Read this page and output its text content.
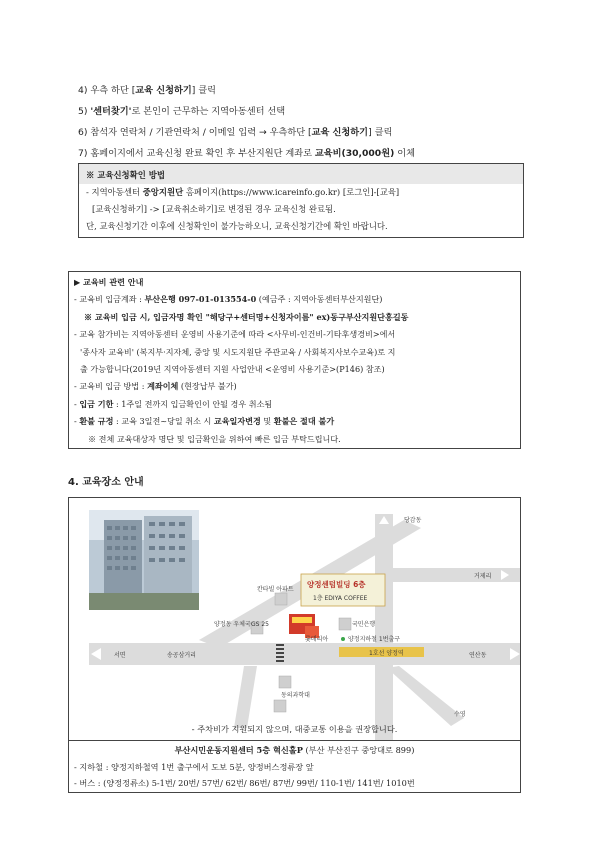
4) 우측 하단 [교육 신청하기] 클릭
5) '센터찾기'로 본인이 근무하는 지역아동센터 선택
6) 참석자 연락처 / 기관연락처 / 이메일 입력 → 우측하단 [교육 신청하기] 클릭
7) 홈페이지에서 교육신청 완료 확인 후 부산지원단 계좌로 교육비(30,000원) 이체
※ 교육신청확인 방법
- 지역아동센터 중앙지원단 홈페이지(https://www.icareinfo.go.kr) [로그인]-[교육]
[교육신청하기] -> [교육취소하기]로 변경된 경우 교육신청 완료됨.
단, 교육신청기간 이후에 신청확인이 불가능하오니, 교육신청기간에 확인 바랍니다.
▶ 교육비 관련 안내
- 교육비 입금계좌 : 부산은행 097-01-013554-0 (예금주 : 지역아동센터부산지원단)
※ 교육비 입금 시, 입금자명 확인 "해당구+센터명+신청자이름" ex)동구부산지원단홍길동
- 교육 참가비는 지역아동센터 운영비 사용기준에 따라 <사무비-인건비-기타후생경비>에서
'종사자 교육비' (복지부·지자체, 중앙 및 시도지원단 주관교육 / 사회복지사보수교육)로 지
출 가능합니다(2019년 지역아동센터 지원 사업안내 <운영비 사용기준>(P146) 참조)
- 교육비 입금 방법 : 계좌이체 (현장납부 불가)
- 입금 기한 : 1주일 전까지 입금확인이 안될 경우 취소됨
- 환불 규정 : 교육 3일전~당일 취소 시 교육일자변경 및 환불은 절대 불가
※ 전체 교육대상자 명단 및 입금확인을 위하여 빠른 입금 부탁드립니다.
4. 교육장소 안내
1호선 양정역
양정센텀빌딩 6층
1층 EDIYA COFFEE
당감동
거제리
칸타빌 아파트
양정동 우체국 GS 25	국민은행
롯데리아	양정지하철 1번출구
서면	송공삼거리	연산동
동의과학대
수영
- 주차비가 지원되지 않으며, 대중교통 이용을 권장합니다.
부산시민운동지원센터 5층 혁신홀P (부산 부산진구 중앙대로 899)
- 지하철 : 양정지하철역 1번 출구에서 도보 5분, 양정버스정류장 앞
- 버스 : (양정정류소) 5-1번/ 20번/ 57번/ 62번/ 86번/ 87번/ 99번/ 110-1번/ 141번/ 1010번
